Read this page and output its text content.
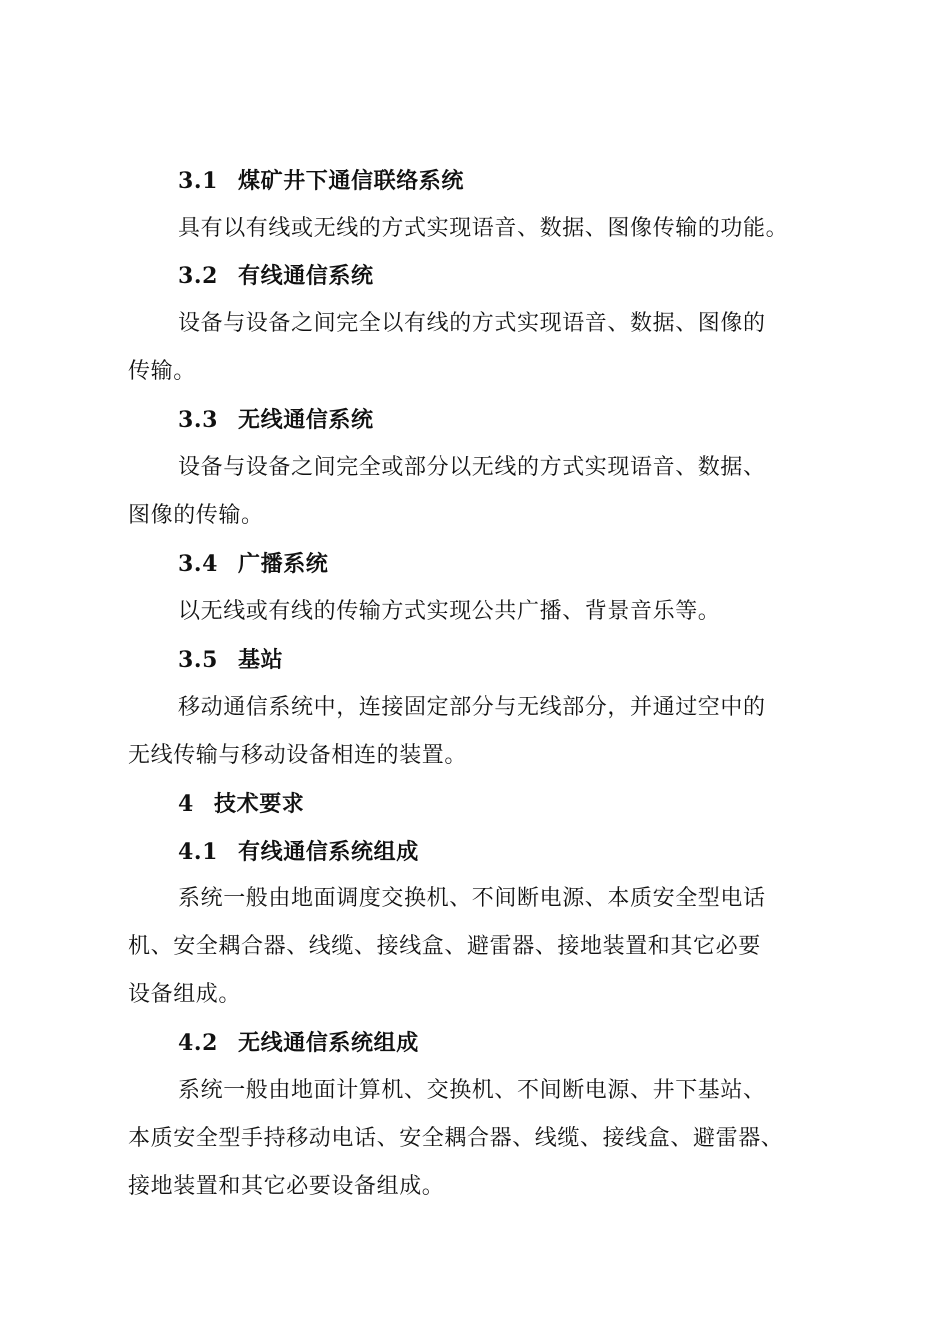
3.1 煤矿井下通信联络系统
具有以有线或无线的方式实现语音、数据、图像传输的功能。
3.2 有线通信系统
设备与设备之间完全以有线的方式实现语音、数据、图像的
传输。
3.3 无线通信系统
设备与设备之间完全或部分以无线的方式实现语音、数据、
图像的传输。
3.4 广播系统
以无线或有线的传输方式实现公共广播、背景音乐等。
3.5 基站
移动通信系统中，连接固定部分与无线部分，并通过空中的
无线传输与移动设备相连的装置。
4 技术要求
4.1 有线通信系统组成
系统一般由地面调度交换机、不间断电源、本质安全型电话
机、安全耦合器、线缆、接线盒、避雷器、接地装置和其它必要
设备组成。
4.2 无线通信系统组成
系统一般由地面计算机、交换机、不间断电源、井下基站、
本质安全型手持移动电话、安全耦合器、线缆、接线盒、避雷器、
接地装置和其它必要设备组成。
